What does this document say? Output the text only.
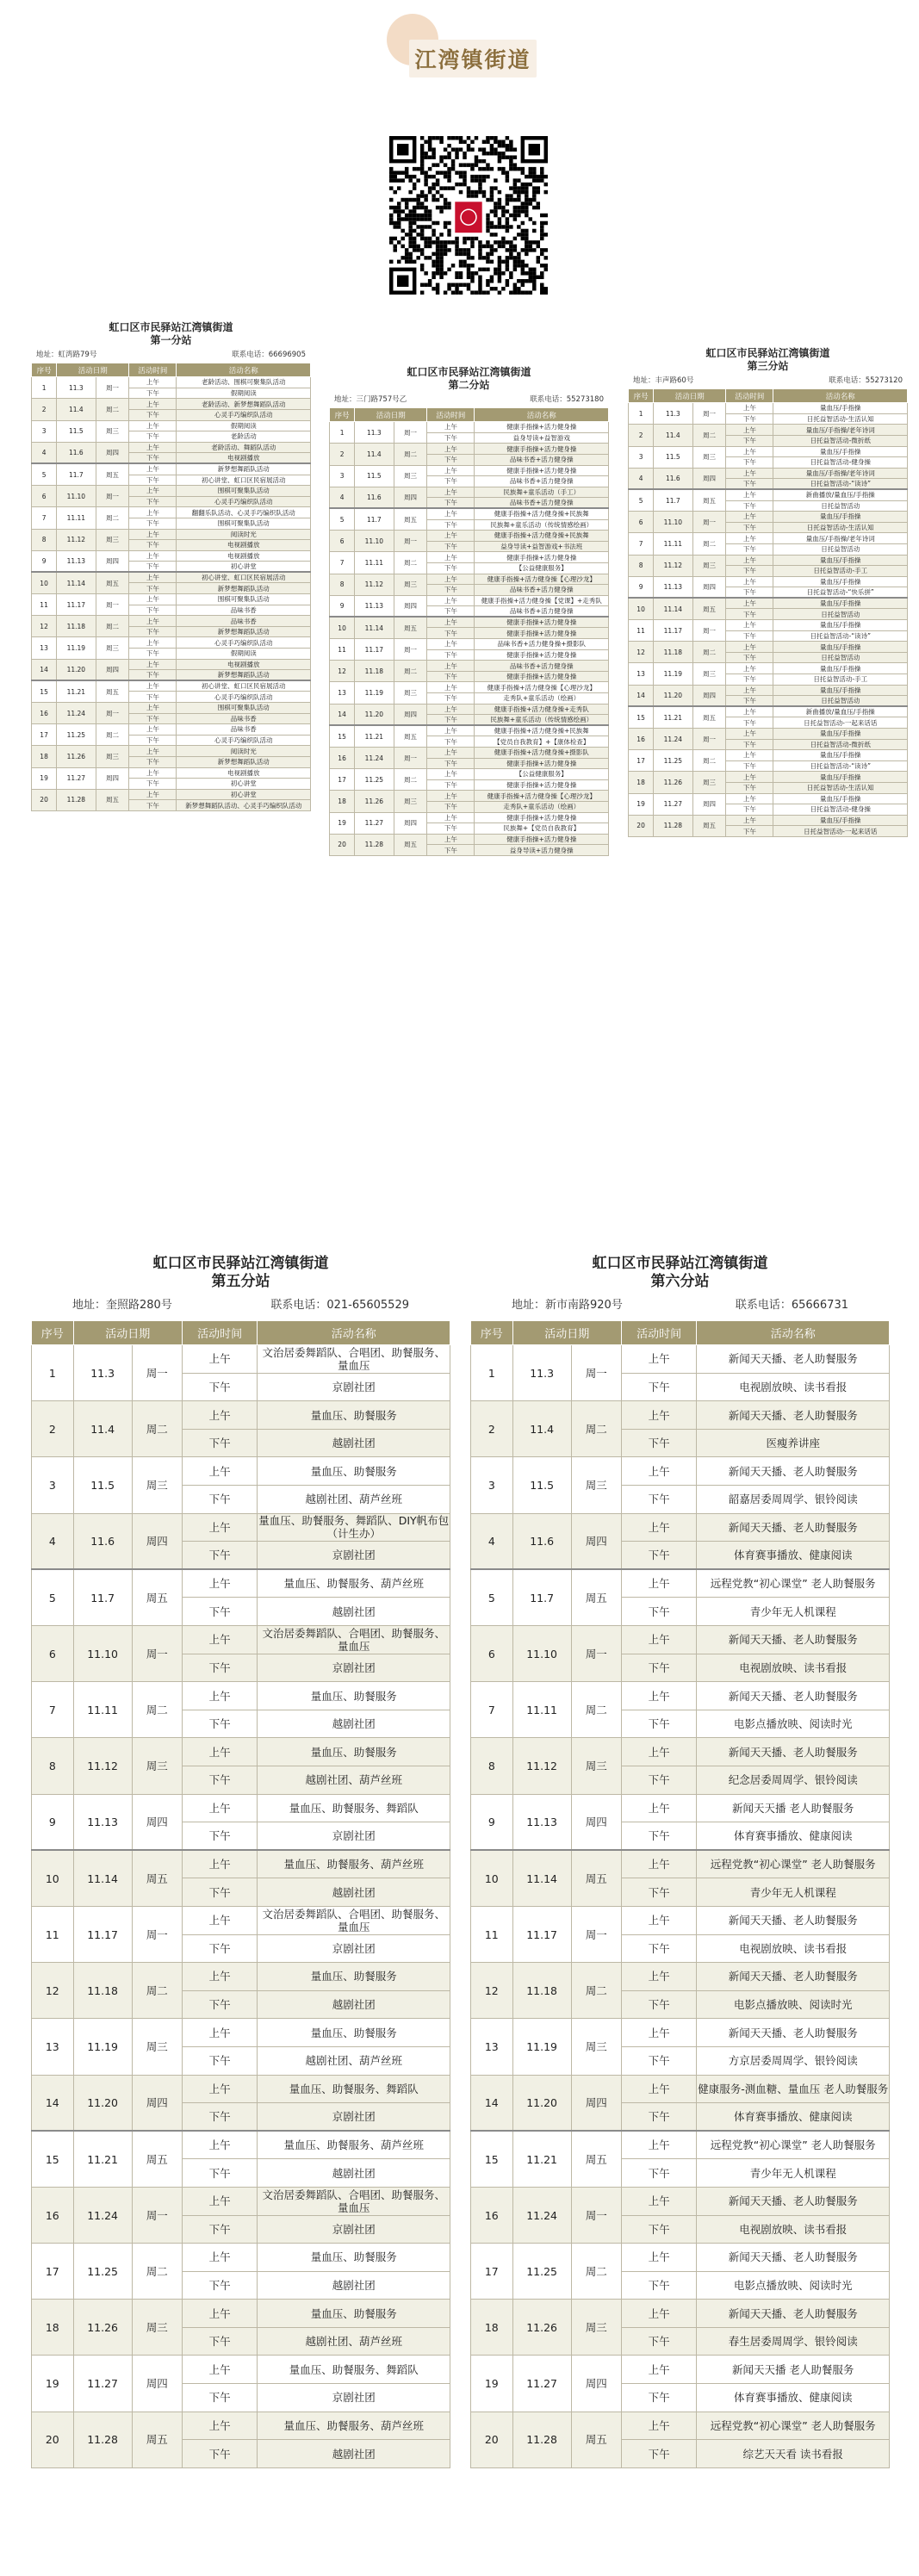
江湾镇街道
虹口区市民驿站江湾镇街道
第一分站
地址：虹湾路79号	联系电话：66696905
序号	活动日期		活动时间	活动名称
1	11.3	周一	上午	老龄活动、围棋可聚集队活动
			下午	假期阅读
2	11.4	周二	上午	老龄活动、新梦想舞蹈队活动
			下午	心灵手巧编织队活动
3	11.5	周三	上午	假期阅读
			下午	老龄活动
4	11.6	周四	上午	老龄活动、舞蹈队活动
			下午	电视剧播放
5	11.7	周五	上午	新梦想舞蹈队活动
			下午	初心讲堂、虹口区民宿展活动
6	11.10	周一	上午	围棋可聚集队活动
			下午	心灵手巧编织队活动
7	11.11	周二	上午	翻翻乐队活动、心灵手巧编织队活动
			下午	围棋可聚集队活动
8	11.12	周三	上午	阅读时光
			下午	电视剧播放
9	11.13	周四	上午	电视剧播放
			下午	初心讲堂
10	11.14	周五	上午	初心讲堂、虹口区民宿展活动
			下午	新梦想舞蹈队活动
11	11.17	周一	上午	围棋可聚集队活动
			下午	品味书香
12	11.18	周二	上午	品味书香
			下午	新梦想舞蹈队活动
13	11.19	周三	上午	心灵手巧编织队活动
			下午	假期阅读
14	11.20	周四	上午	电视剧播放
			下午	新梦想舞蹈队活动
15	11.21	周五	上午	初心讲堂、虹口区民宿展活动
			下午	心灵手巧编织队活动
16	11.24	周一	上午	围棋可聚集队活动
			下午	品味书香
17	11.25	周二	上午	品味书香
			下午	心灵手巧编织队活动
18	11.26	周三	上午	阅读时光
			下午	新梦想舞蹈队活动
19	11.27	周四	上午	电视剧播放
			下午	初心讲堂
20	11.28	周五	上午	初心讲堂
			下午	新梦想舞蹈队活动、心灵手巧编织队活动
虹口区市民驿站江湾镇街道
第二分站
地址：三门路757号乙	联系电话：55273180
序号	活动日期		活动时间	活动名称
1	11.3	周一	上午	健康手指操+活力健身操
			下午	益身导读+益智游戏
2	11.4	周二	上午	健康手指操+活力健身操
			下午	品味书香+活力健身操
3	11.5	周三	上午	健康手指操+活力健身操
			下午	品味书香+活力健身操
4	11.6	周四	上午	民族舞+童乐活动（手工）
			下午	品味书香+活力健身操
5	11.7	周五	上午	健康手指操+活力健身操+民族舞
			下午	民族舞+童乐活动（传统情感绘画）
6	11.10	周一	上午	健康手指操+活力健身操+民族舞
			下午	益身导读+益智游戏+书法班
7	11.11	周二	上午	健康手指操+活力健身操
			下午	【公益健康服务】
8	11.12	周三	上午	健康手指操+活力健身操【心理沙龙】
			下午	品味书香+活力健身操
9	11.13	周四	上午	健康手指操+活力健身操【党课】+走秀队
			下午	品味书香+活力健身操
10	11.14	周五	上午	健康手指操+活力健身操
			下午	健康手指操+活力健身操
11	11.17	周一	上午	品味书香+活力健身操+摄影队
			下午	健康手指操+活力健身操
12	11.18	周二	上午	品味书香+活力健身操
			下午	健康手指操+活力健身操
13	11.19	周三	上午	健康手指操+活力健身操【心理沙龙】
			下午	走秀队+童乐活动（绘画）
14	11.20	周四	上午	健康手指操+活力健身操+走秀队
			下午	民族舞+童乐活动（传统情感绘画）
15	11.21	周五	上午	健康手指操+活力健身操+民族舞
			下午	【党员自我教育】+【康体检查】
16	11.24	周一	上午	健康手指操+活力健身操+摄影队
			下午	健康手指操+活力健身操
17	11.25	周二	上午	【公益健康服务】
			下午	健康手指操+活力健身操
18	11.26	周三	上午	健康手指操+活力健身操【心理沙龙】
			下午	走秀队+童乐活动（绘画）
19	11.27	周四	上午	健康手指操+活力健身操
			下午	民族舞+【党员自我教育】
20	11.28	周五	上午	健康手指操+活力健身操
			下午	益身导读+活力健身操
虹口区市民驿站江湾镇街道
第三分站
地址：丰声路60号	联系电话：55273120
序号	活动日期		活动时间	活动名称
1	11.3	周一	上午	量血压/手指操
			下午	日托益智活动-生活认知
2	11.4	周二	上午	量血压/手指操/老年诗词
			下午	日托益智活动-微折纸
3	11.5	周三	上午	量血压/手指操
			下午	日托益智活动-健身操
4	11.6	周四	上午	量血压/手指操/老年诗词
			下午	日托益智活动-“读诗”
5	11.7	周五	上午	新曲播放/量血压/手指操
			下午	日托益智活动
6	11.10	周一	上午	量血压/手指操
			下午	日托益智活动-生活认知
7	11.11	周二	上午	量血压/手指操/老年诗词
			下午	日托益智活动
8	11.12	周三	上午	量血压/手指操
			下午	日托益智活动-手工
9	11.13	周四	上午	量血压/手指操
			下午	日托益智活动-“快乐拼”
10	11.14	周五	上午	量血压/手指操
			下午	日托益智活动
11	11.17	周一	上午	量血压/手指操
			下午	日托益智活动-“读诗”
12	11.18	周二	上午	量血压/手指操
			下午	日托益智活动
13	11.19	周三	上午	量血压/手指操
			下午	日托益智活动-手工
14	11.20	周四	上午	量血压/手指操
			下午	日托益智活动
15	11.21	周五	上午	新曲播放/量血压/手指操
			下午	日托益智活动-一起来话话
16	11.24	周一	上午	量血压/手指操
			下午	日托益智活动-微折纸
17	11.25	周二	上午	量血压/手指操
			下午	日托益智活动-“读诗”
18	11.26	周三	上午	量血压/手指操
			下午	日托益智活动-生活认知
19	11.27	周四	上午	量血压/手指操
			下午	日托益智活动-健身操
20	11.28	周五	上午	量血压/手指操
			下午	日托益智活动-一起来话话
虹口区市民驿站江湾镇街道
第五分站
地址：奎照路280号	联系电话：021-65605529
序号	活动日期		活动时间	活动名称
1	11.3	周一	上午	文治居委舞蹈队、合唱团、助餐服务、量血压
			下午	京剧社团
2	11.4	周二	上午	量血压、助餐服务
			下午	越剧社团
3	11.5	周三	上午	量血压、助餐服务
			下午	越剧社团、葫芦丝班
4	11.6	周四	上午	量血压、助餐服务、舞蹈队、DIY帆布包（计生办）
			下午	京剧社团
5	11.7	周五	上午	量血压、助餐服务、葫芦丝班
			下午	越剧社团
6	11.10	周一	上午	文治居委舞蹈队、合唱团、助餐服务、量血压
			下午	京剧社团
7	11.11	周二	上午	量血压、助餐服务
			下午	越剧社团
8	11.12	周三	上午	量血压、助餐服务
			下午	越剧社团、葫芦丝班
9	11.13	周四	上午	量血压、助餐服务、舞蹈队
			下午	京剧社团
10	11.14	周五	上午	量血压、助餐服务、葫芦丝班
			下午	越剧社团
11	11.17	周一	上午	文治居委舞蹈队、合唱团、助餐服务、量血压
			下午	京剧社团
12	11.18	周二	上午	量血压、助餐服务
			下午	越剧社团
13	11.19	周三	上午	量血压、助餐服务
			下午	越剧社团、葫芦丝班
14	11.20	周四	上午	量血压、助餐服务、舞蹈队
			下午	京剧社团
15	11.21	周五	上午	量血压、助餐服务、葫芦丝班
			下午	越剧社团
16	11.24	周一	上午	文治居委舞蹈队、合唱团、助餐服务、量血压
			下午	京剧社团
17	11.25	周二	上午	量血压、助餐服务
			下午	越剧社团
18	11.26	周三	上午	量血压、助餐服务
			下午	越剧社团、葫芦丝班
19	11.27	周四	上午	量血压、助餐服务、舞蹈队
			下午	京剧社团
20	11.28	周五	上午	量血压、助餐服务、葫芦丝班
			下午	越剧社团
虹口区市民驿站江湾镇街道
第六分站
地址：新市南路920号	联系电话：65666731
序号	活动日期		活动时间	活动名称
1	11.3	周一	上午	新闻天天播、老人助餐服务
			下午	电视剧放映、读书看报
2	11.4	周二	上午	新闻天天播、老人助餐服务
			下午	医瘦养讲座
3	11.5	周三	上午	新闻天天播、老人助餐服务
			下午	韶嘉居委周周学、银铃阅读
4	11.6	周四	上午	新闻天天播、老人助餐服务
			下午	体育赛事播放、健康阅读
5	11.7	周五	上午	远程党教“初心课堂” 老人助餐服务
			下午	青少年无人机课程
6	11.10	周一	上午	新闻天天播、老人助餐服务
			下午	电视剧放映、读书看报
7	11.11	周二	上午	新闻天天播、老人助餐服务
			下午	电影点播放映、阅读时光
8	11.12	周三	上午	新闻天天播、老人助餐服务
			下午	纪念居委周周学、银铃阅读
9	11.13	周四	上午	新闻天天播 老人助餐服务
			下午	体育赛事播放、健康阅读
10	11.14	周五	上午	远程党教“初心课堂” 老人助餐服务
			下午	青少年无人机课程
11	11.17	周一	上午	新闻天天播、老人助餐服务
			下午	电视剧放映、读书看报
12	11.18	周二	上午	新闻天天播、老人助餐服务
			下午	电影点播放映、阅读时光
13	11.19	周三	上午	新闻天天播、老人助餐服务
			下午	方京居委周周学、银铃阅读
14	11.20	周四	上午	健康服务-测血糖、量血压 老人助餐服务
			下午	体育赛事播放、健康阅读
15	11.21	周五	上午	远程党教“初心课堂” 老人助餐服务
			下午	青少年无人机课程
16	11.24	周一	上午	新闻天天播、老人助餐服务
			下午	电视剧放映、读书看报
17	11.25	周二	上午	新闻天天播、老人助餐服务
			下午	电影点播放映、阅读时光
18	11.26	周三	上午	新闻天天播、老人助餐服务
			下午	春生居委周周学、银铃阅读
19	11.27	周四	上午	新闻天天播 老人助餐服务
			下午	体育赛事播放、健康阅读
20	11.28	周五	上午	远程党教“初心课堂” 老人助餐服务
			下午	综艺天天看 读书看报
